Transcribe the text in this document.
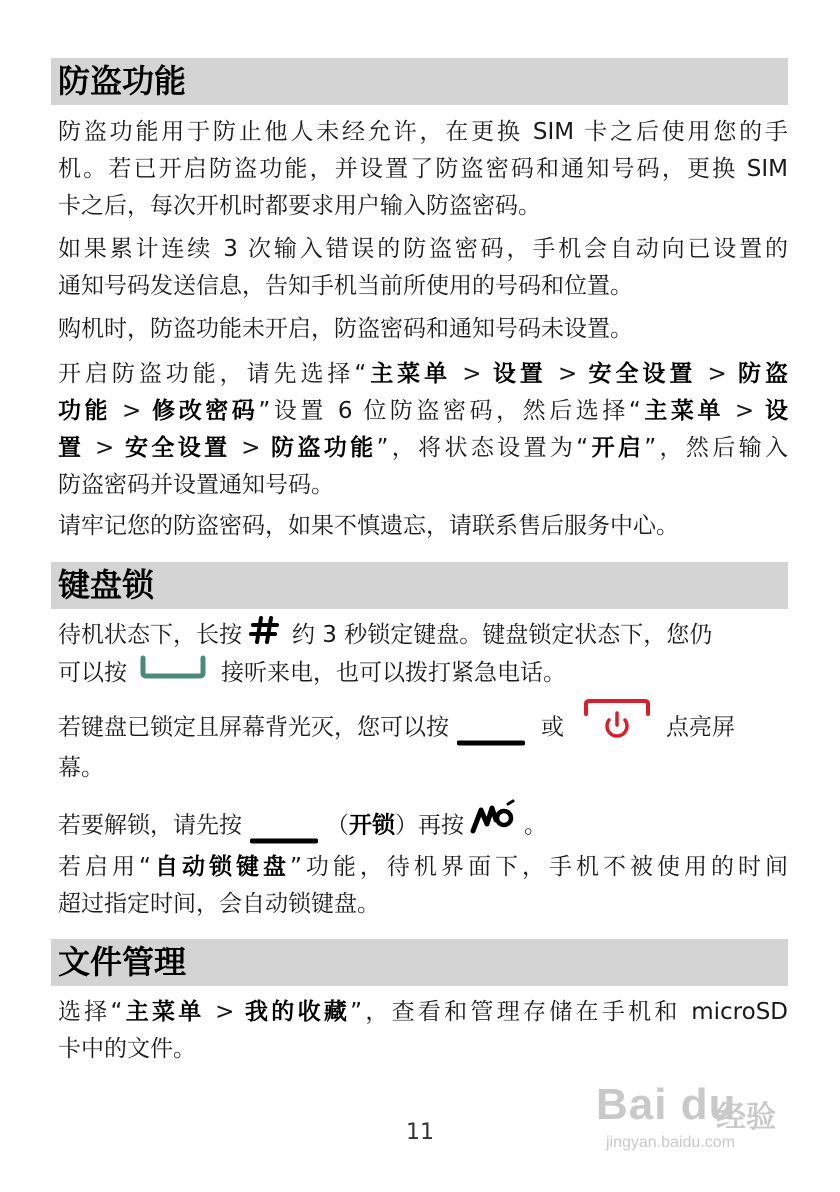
防盗功能

防盗功能用于防止他人未经允许，在更换 SIM 卡之后使用您的手
机。若已开启防盗功能，并设置了防盗密码和通知号码，更换 SIM
卡之后，每次开机时都要求用户输入防盗密码。

如果累计连续 3 次输入错误的防盗密码，手机会自动向已设置的
通知号码发送信息，告知手机当前所使用的号码和位置。

购机时，防盗功能未开启，防盗密码和通知号码未设置。

开启防盗功能，请先选择“主菜单 > 设置 > 安全设置 > 防盗
功能 > 修改密码”设置 6 位防盗密码，然后选择“主菜单 > 设
置 > 安全设置 > 防盗功能”，将状态设置为“开启”，然后输入
防盗密码并设置通知号码。

请牢记您的防盗密码，如果不慎遗忘，请联系售后服务中心。

键盘锁

待机状态下，长按 约 3 秒锁定键盘。键盘锁定状态下，您仍
可以按	接听来电，也可以拨打紧急电话。

若键盘已锁定且屏幕背光灭，您可以按	或	点亮屏
幕。

若要解锁，请先按	（开锁）再按	。

若启用“自动锁键盘”功能，待机界面下，手机不被使用的时间
超过指定时间，会自动锁键盘。

文件管理

选择“主菜单 > 我的收藏”，查看和管理存储在手机和 microSD
卡中的文件。

11
Bai du
经验
jingyan.baidu.com
